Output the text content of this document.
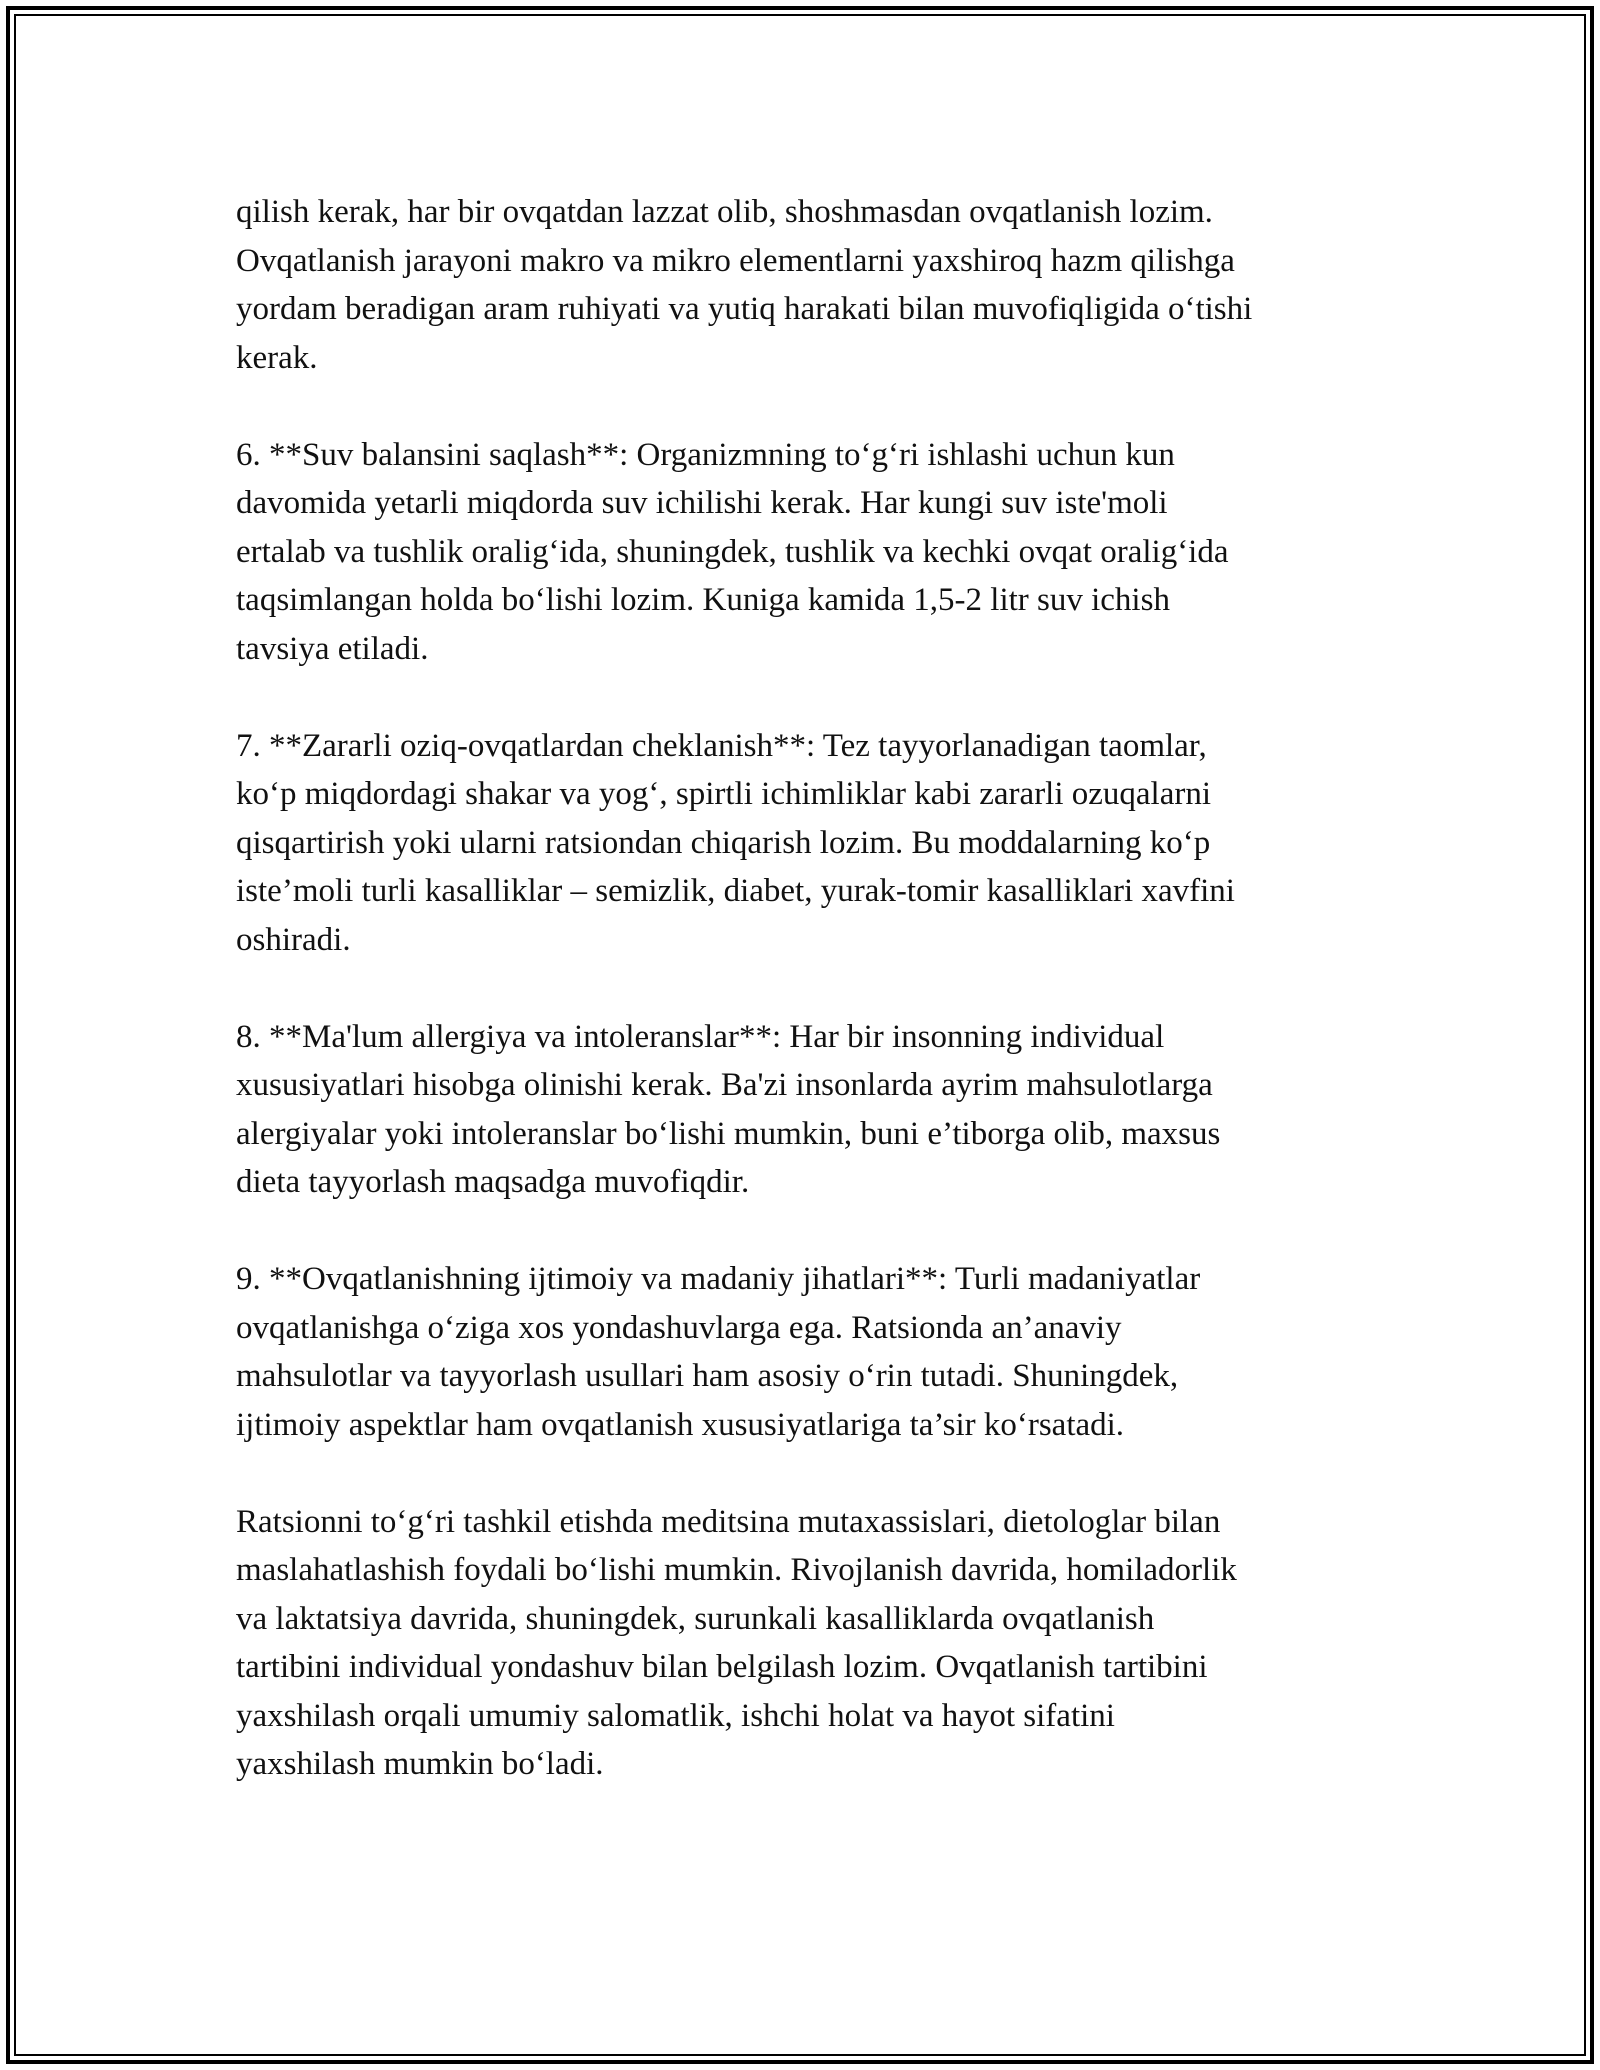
qilish kerak, har bir ovqatdan lazzat olib, shoshmasdan ovqatlanish lozim.
Ovqatlanish jarayoni makro va mikro elementlarni yaxshiroq hazm qilishga
yordam beradigan aram ruhiyati va yutiq harakati bilan muvofiqligida o‘tishi
kerak.

6. **Suv balansini saqlash**: Organizmning to‘g‘ri ishlashi uchun kun
davomida yetarli miqdorda suv ichilishi kerak. Har kungi suv iste'moli
ertalab va tushlik oralig‘ida, shuningdek, tushlik va kechki ovqat oralig‘ida
taqsimlangan holda bo‘lishi lozim. Kuniga kamida 1,5-2 litr suv ichish
tavsiya etiladi.

7. **Zararli oziq-ovqatlardan cheklanish**: Tez tayyorlanadigan taomlar,
ko‘p miqdordagi shakar va yog‘, spirtli ichimliklar kabi zararli ozuqalarni
qisqartirish yoki ularni ratsiondan chiqarish lozim. Bu moddalarning ko‘p
iste’moli turli kasalliklar – semizlik, diabet, yurak-tomir kasalliklari xavfini
oshiradi.

8. **Ma'lum allergiya va intoleranslar**: Har bir insonning individual
xususiyatlari hisobga olinishi kerak. Ba'zi insonlarda ayrim mahsulotlarga
alergiyalar yoki intoleranslar bo‘lishi mumkin, buni e’tiborga olib, maxsus
dieta tayyorlash maqsadga muvofiqdir.

9. **Ovqatlanishning ijtimoiy va madaniy jihatlari**: Turli madaniyatlar
ovqatlanishga o‘ziga xos yondashuvlarga ega. Ratsionda an’anaviy
mahsulotlar va tayyorlash usullari ham asosiy o‘rin tutadi. Shuningdek,
ijtimoiy aspektlar ham ovqatlanish xususiyatlariga ta’sir ko‘rsatadi.

Ratsionni to‘g‘ri tashkil etishda meditsina mutaxassislari, dietologlar bilan
maslahatlashish foydali bo‘lishi mumkin. Rivojlanish davrida, homiladorlik
va laktatsiya davrida, shuningdek, surunkali kasalliklarda ovqatlanish
tartibini individual yondashuv bilan belgilash lozim. Ovqatlanish tartibini
yaxshilash orqali umumiy salomatlik, ishchi holat va hayot sifatini
yaxshilash mumkin bo‘ladi.
